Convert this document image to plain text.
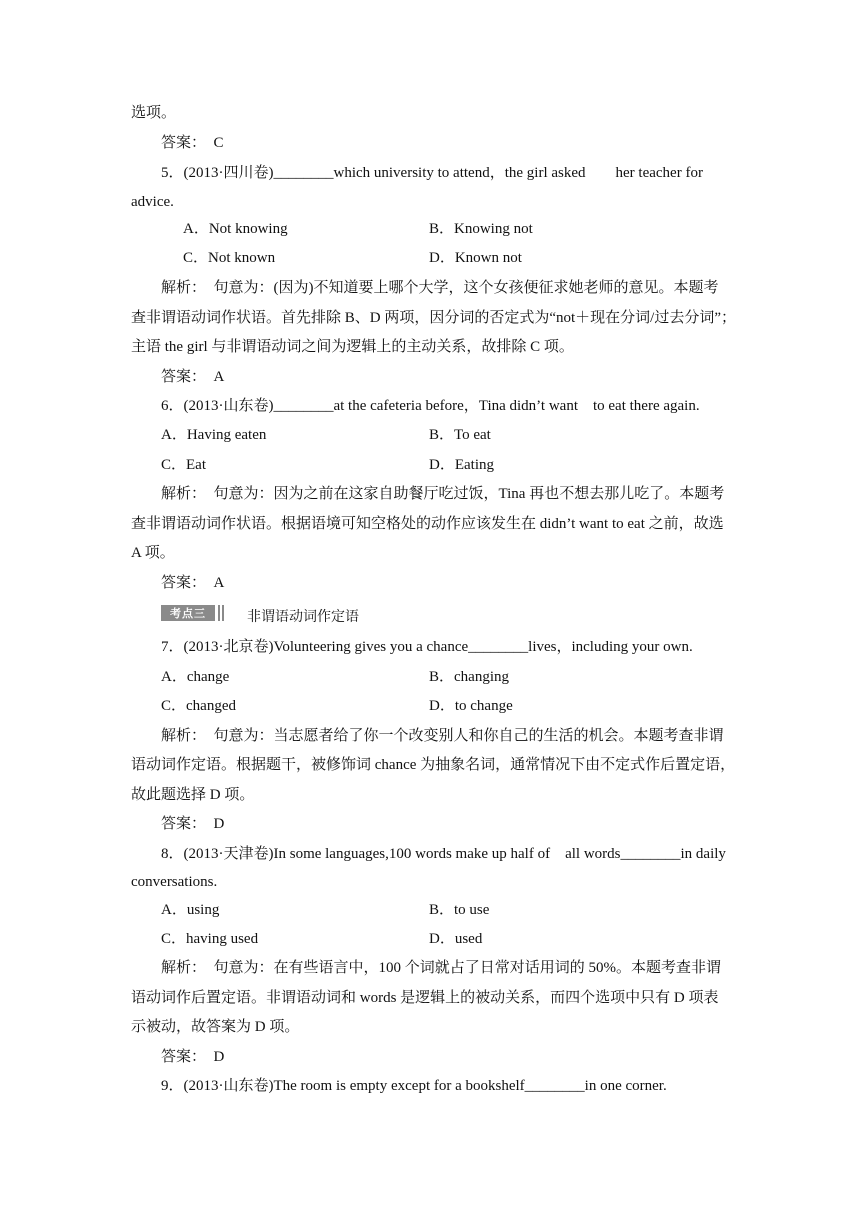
选项。
答案：　C
5．(2013·四川卷)________which university to attend，the girl asked　　her teacher for
advice.
A．Not knowing	B．Knowing not
C．Not known	D．Known not
解析：　句意为：(因为)不知道要上哪个大学，这个女孩便征求她老师的意见。本题考
查非谓语动词作状语。首先排除 B、D 两项，因分词的否定式为“not＋现在分词/过去分词”；
主语 the girl 与非谓语动词之间为逻辑上的主动关系，故排除 C 项。
答案：　A
6．(2013·山东卷)________at the cafeteria before，Tina didn’t want　to eat there again.
A．Having eaten	B．To eat
C．Eat	D．Eating
解析：　句意为：因为之前在这家自助餐厅吃过饭，Tina 再也不想去那儿吃了。本题考
查非谓语动词作状语。根据语境可知空格处的动作应该发生在 didn’t want to eat 之前，故选
A 项。
答案：　A
考点三	非谓语动词作定语
7．(2013·北京卷)Volunteering gives you a chance________lives，including your own.
A．change	B．changing
C．changed	D．to change
解析：　句意为：当志愿者给了你一个改变别人和你自己的生活的机会。本题考查非谓
语动词作定语。根据题干，被修饰词 chance 为抽象名词，通常情况下由不定式作后置定语，
故此题选择 D 项。
答案：　D
8．(2013·天津卷)In some languages,100 words make up half of　all words________in daily
conversations.
A．using	B．to use
C．having used	D．used
解析：　句意为：在有些语言中，100 个词就占了日常对话用词的 50%。本题考查非谓
语动词作后置定语。非谓语动词和 words 是逻辑上的被动关系，而四个选项中只有 D 项表
示被动，故答案为 D 项。
答案：　D
9．(2013·山东卷)The room is empty except for a bookshelf________in one corner.
